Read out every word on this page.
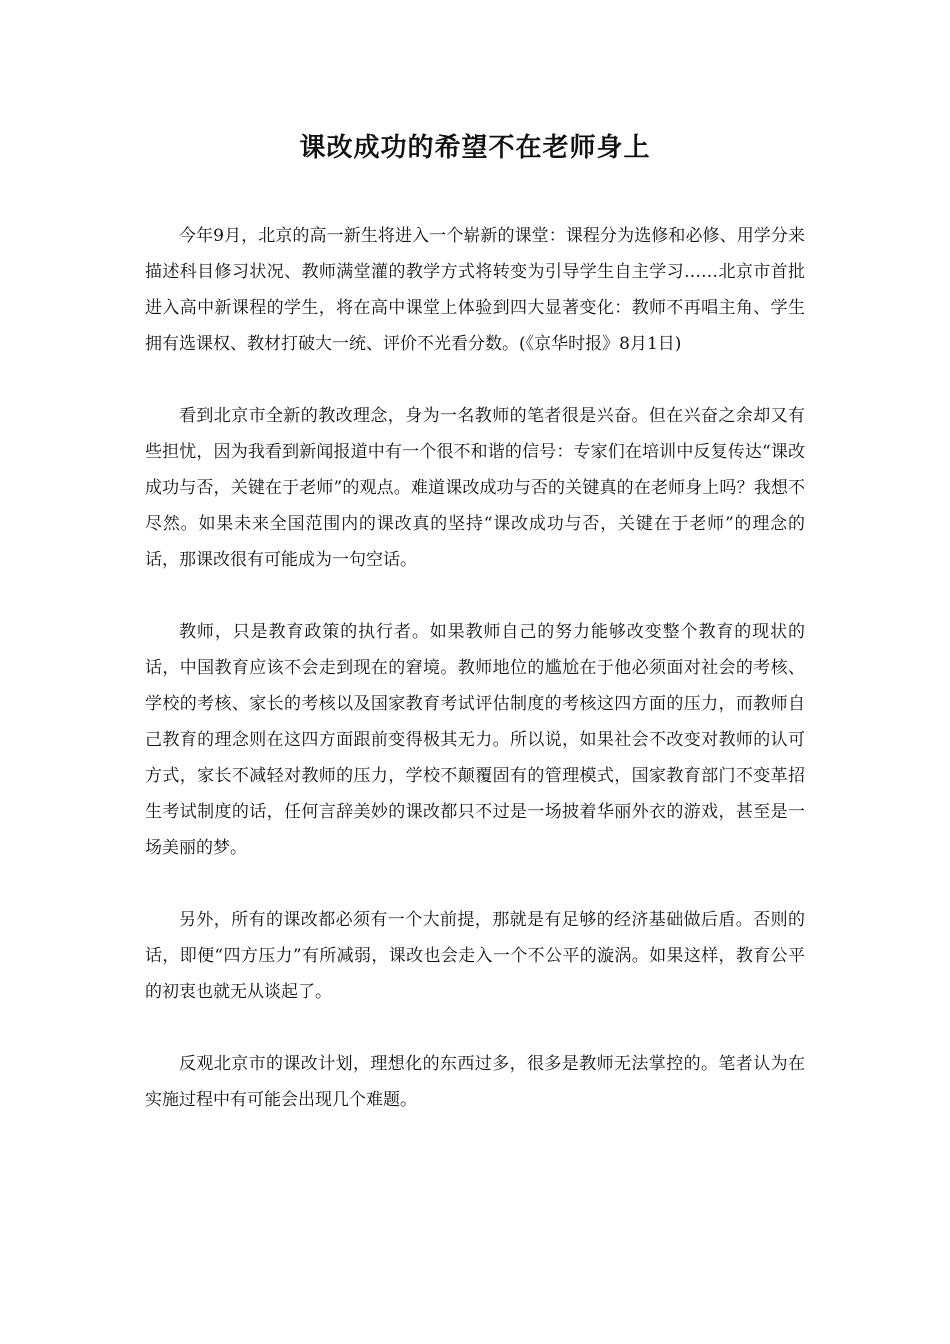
课改成功的希望不在老师身上

今年9月，北京的高一新生将进入一个崭新的课堂：课程分为选修和必修、用学分来描述科目修习状况、教师满堂灌的教学方式将转变为引导学生自主学习……北京市首批进入高中新课程的学生，将在高中课堂上体验到四大显著变化：教师不再唱主角、学生拥有选课权、教材打破大一统、评价不光看分数。(《京华时报》8月1日)

看到北京市全新的教改理念，身为一名教师的笔者很是兴奋。但在兴奋之余却又有些担忧，因为我看到新闻报道中有一个很不和谐的信号：专家们在培训中反复传达“课改成功与否，关键在于老师”的观点。难道课改成功与否的关键真的在老师身上吗？我想不尽然。如果未来全国范围内的课改真的坚持“课改成功与否，关键在于老师”的理念的话，那课改很有可能成为一句空话。

教师，只是教育政策的执行者。如果教师自己的努力能够改变整个教育的现状的话，中国教育应该不会走到现在的窘境。教师地位的尴尬在于他必须面对社会的考核、学校的考核、家长的考核以及国家教育考试评估制度的考核这四方面的压力，而教师自己教育的理念则在这四方面跟前变得极其无力。所以说，如果社会不改变对教师的认可方式，家长不减轻对教师的压力，学校不颠覆固有的管理模式，国家教育部门不变革招生考试制度的话，任何言辞美妙的课改都只不过是一场披着华丽外衣的游戏，甚至是一场美丽的梦。

另外，所有的课改都必须有一个大前提，那就是有足够的经济基础做后盾。否则的话，即便“四方压力”有所减弱，课改也会走入一个不公平的漩涡。如果这样，教育公平的初衷也就无从谈起了。

反观北京市的课改计划，理想化的东西过多，很多是教师无法掌控的。笔者认为在实施过程中有可能会出现几个难题。
